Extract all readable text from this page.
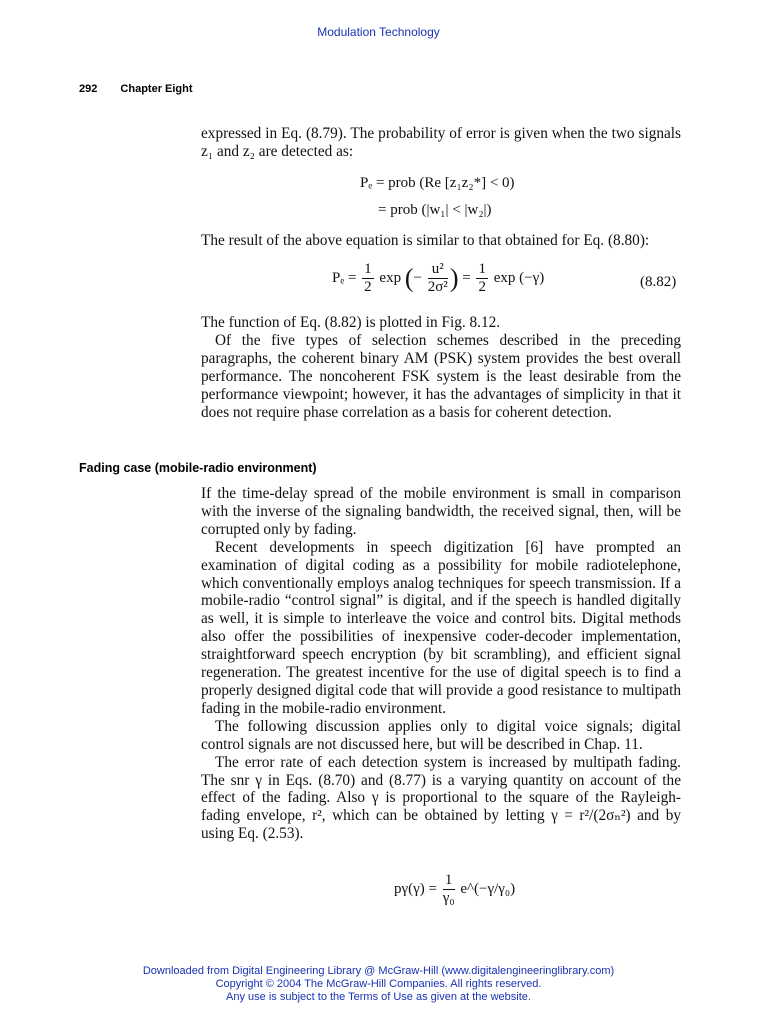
Modulation Technology
292 Chapter Eight

expressed in Eq. (8.79). The probability of error is given when the two signals z₁ and z₂ are detected as:

Pₑ = prob (Re [z₁z₂*] < 0)
= prob (|w₁| < |w₂|)

The result of the above equation is similar to that obtained for Eq. (8.80):

$P_e = \frac{1}{2}$ exp (− $\frac{\text{u²}}{\text{2σ²}}$ ) = $\frac{1}{2}$ exp (−γ)	(8.82)

The function of Eq. (8.82) is plotted in Fig. 8.12.

Of the five types of selection schemes described in the preceding paragraphs, the coherent binary AM (PSK) system provides the best overall performance. The noncoherent FSK system is the least desirable from the performance viewpoint; however, it has the advantages of simplicity in that it does not require phase correlation as a basis for coherent detection.

Fading case (mobile-radio environment)

If the time-delay spread of the mobile environment is small in comparison with the inverse of the signaling bandwidth, the received signal, then, will be corrupted only by fading.

Recent developments in speech digitization [6] have prompted an examination of digital coding as a possibility for mobile radiotelephone, which conventionally employs analog techniques for speech transmission. If a mobile-radio “control signal” is digital, and if the speech is handled digitally as well, it is simple to interleave the voice and control bits. Digital methods also offer the possibilities of inexpensive coder-decoder implementation, straightforward speech encryption (by bit scrambling), and efficient signal regeneration. The greatest incentive for the use of digital speech is to find a properly designed digital code that will provide a good resistance to multipath fading in the mobile-radio environment.

The following discussion applies only to digital voice signals; digital control signals are not discussed here, but will be described in Chap. 11.

The error rate of each detection system is increased by multipath fading. The snr γ in Eqs. (8.70) and (8.77) is a varying quantity on account of the effect of the fading. Also γ is proportional to the square of the Rayleigh-fading envelope, r², which can be obtained by letting γ = r²/(2σₙ²) and by using Eq. (2.53).

$p\gamma(\gamma) = \frac{1}{\text{γ₀}}$ e^(−γ/γ₀)
Downloaded from Digital Engineering Library @ McGraw-Hill (www.digitalengineeringlibrary.com)
Copyright © 2004 The McGraw-Hill Companies. All rights reserved.
Any use is subject to the Terms of Use as given at the website.
